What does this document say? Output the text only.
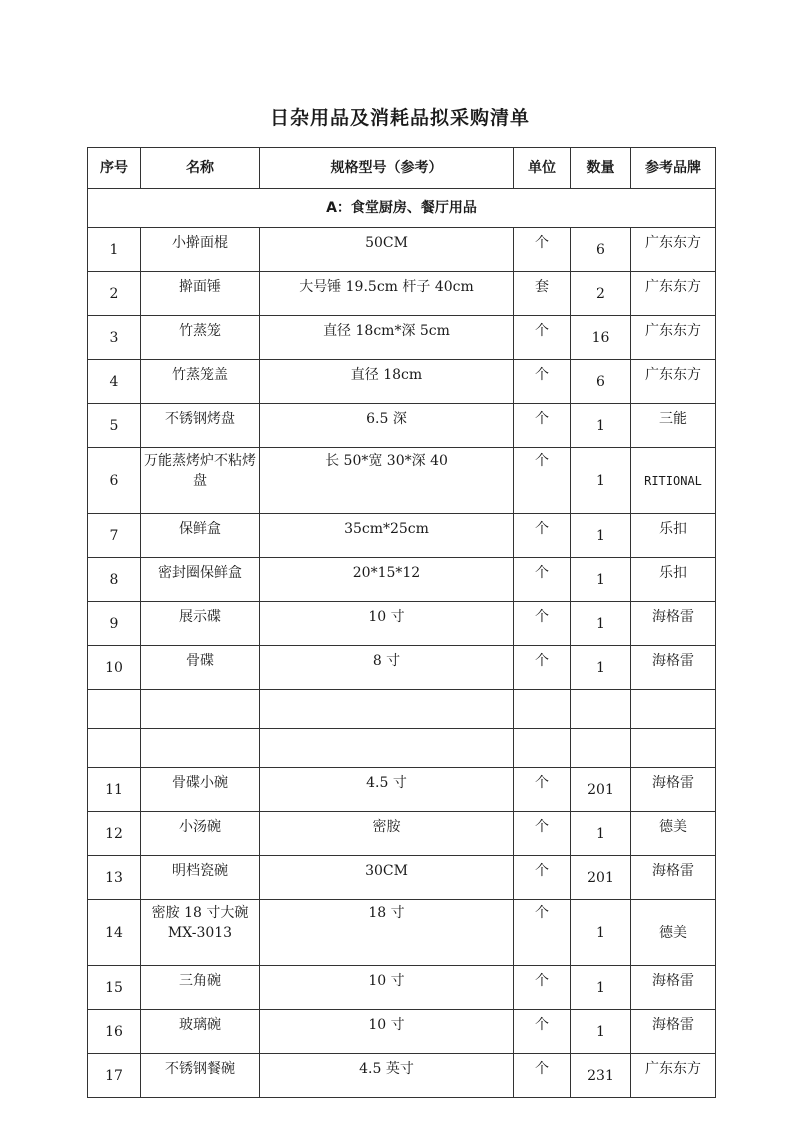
日杂用品及消耗品拟采购清单
序号	名称	规格型号（参考）	单位	数量	参考品牌
A：食堂厨房、餐厅用品					
1	小擀面棍	50CM	个	6	广东东方
2	擀面锤	大号锤 19.5cm 杆子 40cm	套	2	广东东方
3	竹蒸笼	直径 18cm*深 5cm	个	16	广东东方
4	竹蒸笼盖	直径 18cm	个	6	广东东方
5	不锈钢烤盘	6.5 深	个	1	三能
6	万能蒸烤炉不粘烤盘	长 50*宽 30*深 40	个	1	RITIONAL
7	保鲜盒	35cm*25cm	个	1	乐扣
8	密封圈保鲜盒	20*15*12	个	1	乐扣
9	展示碟	10 寸	个	1	海格雷
10	骨碟	8 寸	个	1	海格雷

11	骨碟小碗	4.5 寸	个	201	海格雷
12	小汤碗	密胺	个	1	德美
13	明档瓷碗	30CM	个	201	海格雷
14	密胺 18 寸大碗 MX-3013	18 寸	个	1	德美
15	三角碗	10 寸	个	1	海格雷
16	玻璃碗	10 寸	个	1	海格雷
17	不锈钢餐碗	4.5 英寸	个	231	广东东方
